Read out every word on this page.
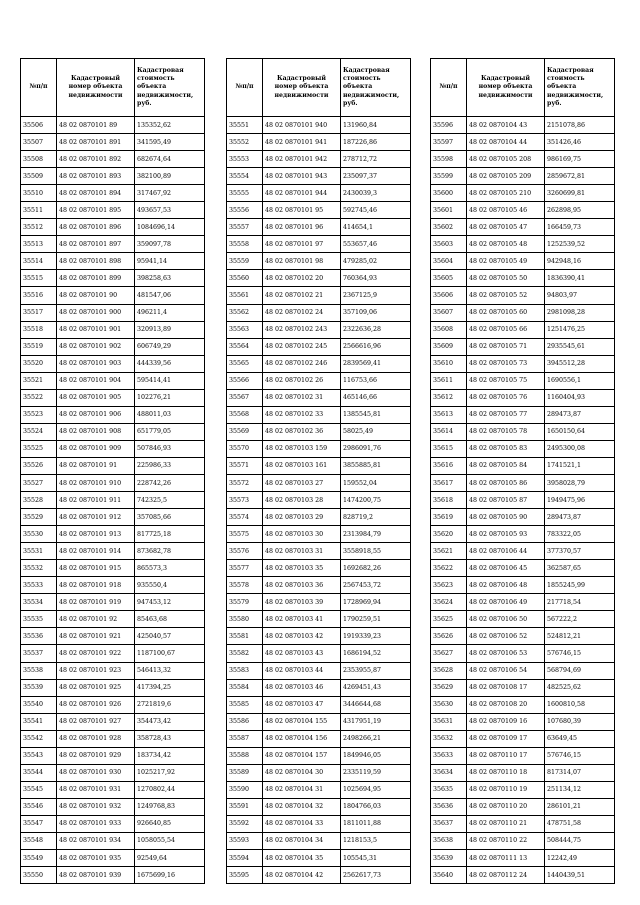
№п/п	Кадастровый номер объекта недвижимости	Кадастровая стоимость объекта недвижимости, руб.
35506	48 02 0870101 89	135352,62
35507	48 02 0870101 891	341595,49
35508	48 02 0870101 892	682674,64
35509	48 02 0870101 893	382100,89
35510	48 02 0870101 894	317467,92
35511	48 02 0870101 895	493657,53
35512	48 02 0870101 896	1084696,14
35513	48 02 0870101 897	359097,78
35514	48 02 0870101 898	95941,14
35515	48 02 0870101 899	398258,63
35516	48 02 0870101 90	481547,06
35517	48 02 0870101 900	496211,4
35518	48 02 0870101 901	320913,89
35519	48 02 0870101 902	606749,29
35520	48 02 0870101 903	444339,56
35521	48 02 0870101 904	595414,41
35522	48 02 0870101 905	102276,21
35523	48 02 0870101 906	488011,03
35524	48 02 0870101 908	651779,05
35525	48 02 0870101 909	507846,93
35526	48 02 0870101 91	225986,33
35527	48 02 0870101 910	228742,26
35528	48 02 0870101 911	742325,5
35529	48 02 0870101 912	357085,66
35530	48 02 0870101 913	817725,18
35531	48 02 0870101 914	873682,78
35532	48 02 0870101 915	865573,3
35533	48 02 0870101 918	935550,4
35534	48 02 0870101 919	947453,12
35535	48 02 0870101 92	85463,68
35536	48 02 0870101 921	425040,57
35537	48 02 0870101 922	1187100,67
35538	48 02 0870101 923	546413,32
35539	48 02 0870101 925	417394,25
35540	48 02 0870101 926	2721819,6
35541	48 02 0870101 927	354473,42
35542	48 02 0870101 928	358728,43
35543	48 02 0870101 929	183734,42
35544	48 02 0870101 930	1025217,92
35545	48 02 0870101 931	1270802,44
35546	48 02 0870101 932	1249768,83
35547	48 02 0870101 933	926640,85
35548	48 02 0870101 934	1058055,54
35549	48 02 0870101 935	92549,64
35550	48 02 0870101 939	1675699,16
№п/п	Кадастровый номер объекта недвижимости	Кадастровая стоимость объекта недвижимости, руб.
35551	48 02 0870101 940	131960,84
35552	48 02 0870101 941	187226,86
35553	48 02 0870101 942	278712,72
35554	48 02 0870101 943	235097,37
35555	48 02 0870101 944	2430039,3
35556	48 02 0870101 95	592745,46
35557	48 02 0870101 96	414654,1
35558	48 02 0870101 97	553657,46
35559	48 02 0870101 98	479285,02
35560	48 02 0870102 20	760364,93
35561	48 02 0870102 21	2367125,9
35562	48 02 0870102 24	357109,06
35563	48 02 0870102 243	2322636,28
35564	48 02 0870102 245	2566616,96
35565	48 02 0870102 246	2839569,41
35566	48 02 0870102 26	116753,66
35567	48 02 0870102 31	465146,66
35568	48 02 0870102 33	1385545,81
35569	48 02 0870102 36	58025,49
35570	48 02 0870103 159	2986091,76
35571	48 02 0870103 161	3855885,81
35572	48 02 0870103 27	159552,04
35573	48 02 0870103 28	1474200,75
35574	48 02 0870103 29	828719,2
35575	48 02 0870103 30	2313984,79
35576	48 02 0870103 31	3558918,55
35577	48 02 0870103 35	1692682,26
35578	48 02 0870103 36	2567453,72
35579	48 02 0870103 39	1728969,94
35580	48 02 0870103 41	1790259,51
35581	48 02 0870103 42	1919339,23
35582	48 02 0870103 43	1686194,52
35583	48 02 0870103 44	2353955,87
35584	48 02 0870103 46	4269451,43
35585	48 02 0870103 47	3446644,68
35586	48 02 0870104 155	4317951,19
35587	48 02 0870104 156	2498266,21
35588	48 02 0870104 157	1849946,05
35589	48 02 0870104 30	2335119,59
35590	48 02 0870104 31	1025694,95
35591	48 02 0870104 32	1804766,03
35592	48 02 0870104 33	1811011,88
35593	48 02 0870104 34	1218153,5
35594	48 02 0870104 35	105545,31
35595	48 02 0870104 42	2562617,73
№п/п	Кадастровый номер объекта недвижимости	Кадастровая стоимость объекта недвижимости, руб.
35596	48 02 0870104 43	2151078,86
35597	48 02 0870104 44	351426,46
35598	48 02 0870105 208	986169,75
35599	48 02 0870105 209	2859672,81
35600	48 02 0870105 210	3260699,81
35601	48 02 0870105 46	262898,95
35602	48 02 0870105 47	166459,73
35603	48 02 0870105 48	1252539,52
35604	48 02 0870105 49	942948,16
35605	48 02 0870105 50	1836390,41
35606	48 02 0870105 52	94803,97
35607	48 02 0870105 60	2981098,28
35608	48 02 0870105 66	1251476,25
35609	48 02 0870105 71	2935545,61
35610	48 02 0870105 73	3945512,28
35611	48 02 0870105 75	1690556,1
35612	48 02 0870105 76	1160404,93
35613	48 02 0870105 77	289473,87
35614	48 02 0870105 78	1650150,64
35615	48 02 0870105 83	2495300,08
35616	48 02 0870105 84	1741521,1
35617	48 02 0870105 86	3958028,79
35618	48 02 0870105 87	1949475,96
35619	48 02 0870105 90	289473,87
35620	48 02 0870105 93	783322,05
35621	48 02 0870106 44	377370,57
35622	48 02 0870106 45	362587,65
35623	48 02 0870106 48	1855245,99
35624	48 02 0870106 49	217718,54
35625	48 02 0870106 50	567222,2
35626	48 02 0870106 52	524812,21
35627	48 02 0870106 53	576746,15
35628	48 02 0870106 54	568794,69
35629	48 02 0870108 17	482525,62
35630	48 02 0870108 20	1600810,58
35631	48 02 0870109 16	107680,39
35632	48 02 0870109 17	63649,45
35633	48 02 0870110 17	576746,15
35634	48 02 0870110 18	817314,07
35635	48 02 0870110 19	251134,12
35636	48 02 0870110 20	286101,21
35637	48 02 0870110 21	478751,58
35638	48 02 0870110 22	508444,75
35639	48 02 0870111 13	12242,49
35640	48 02 0870112 24	1440439,51
